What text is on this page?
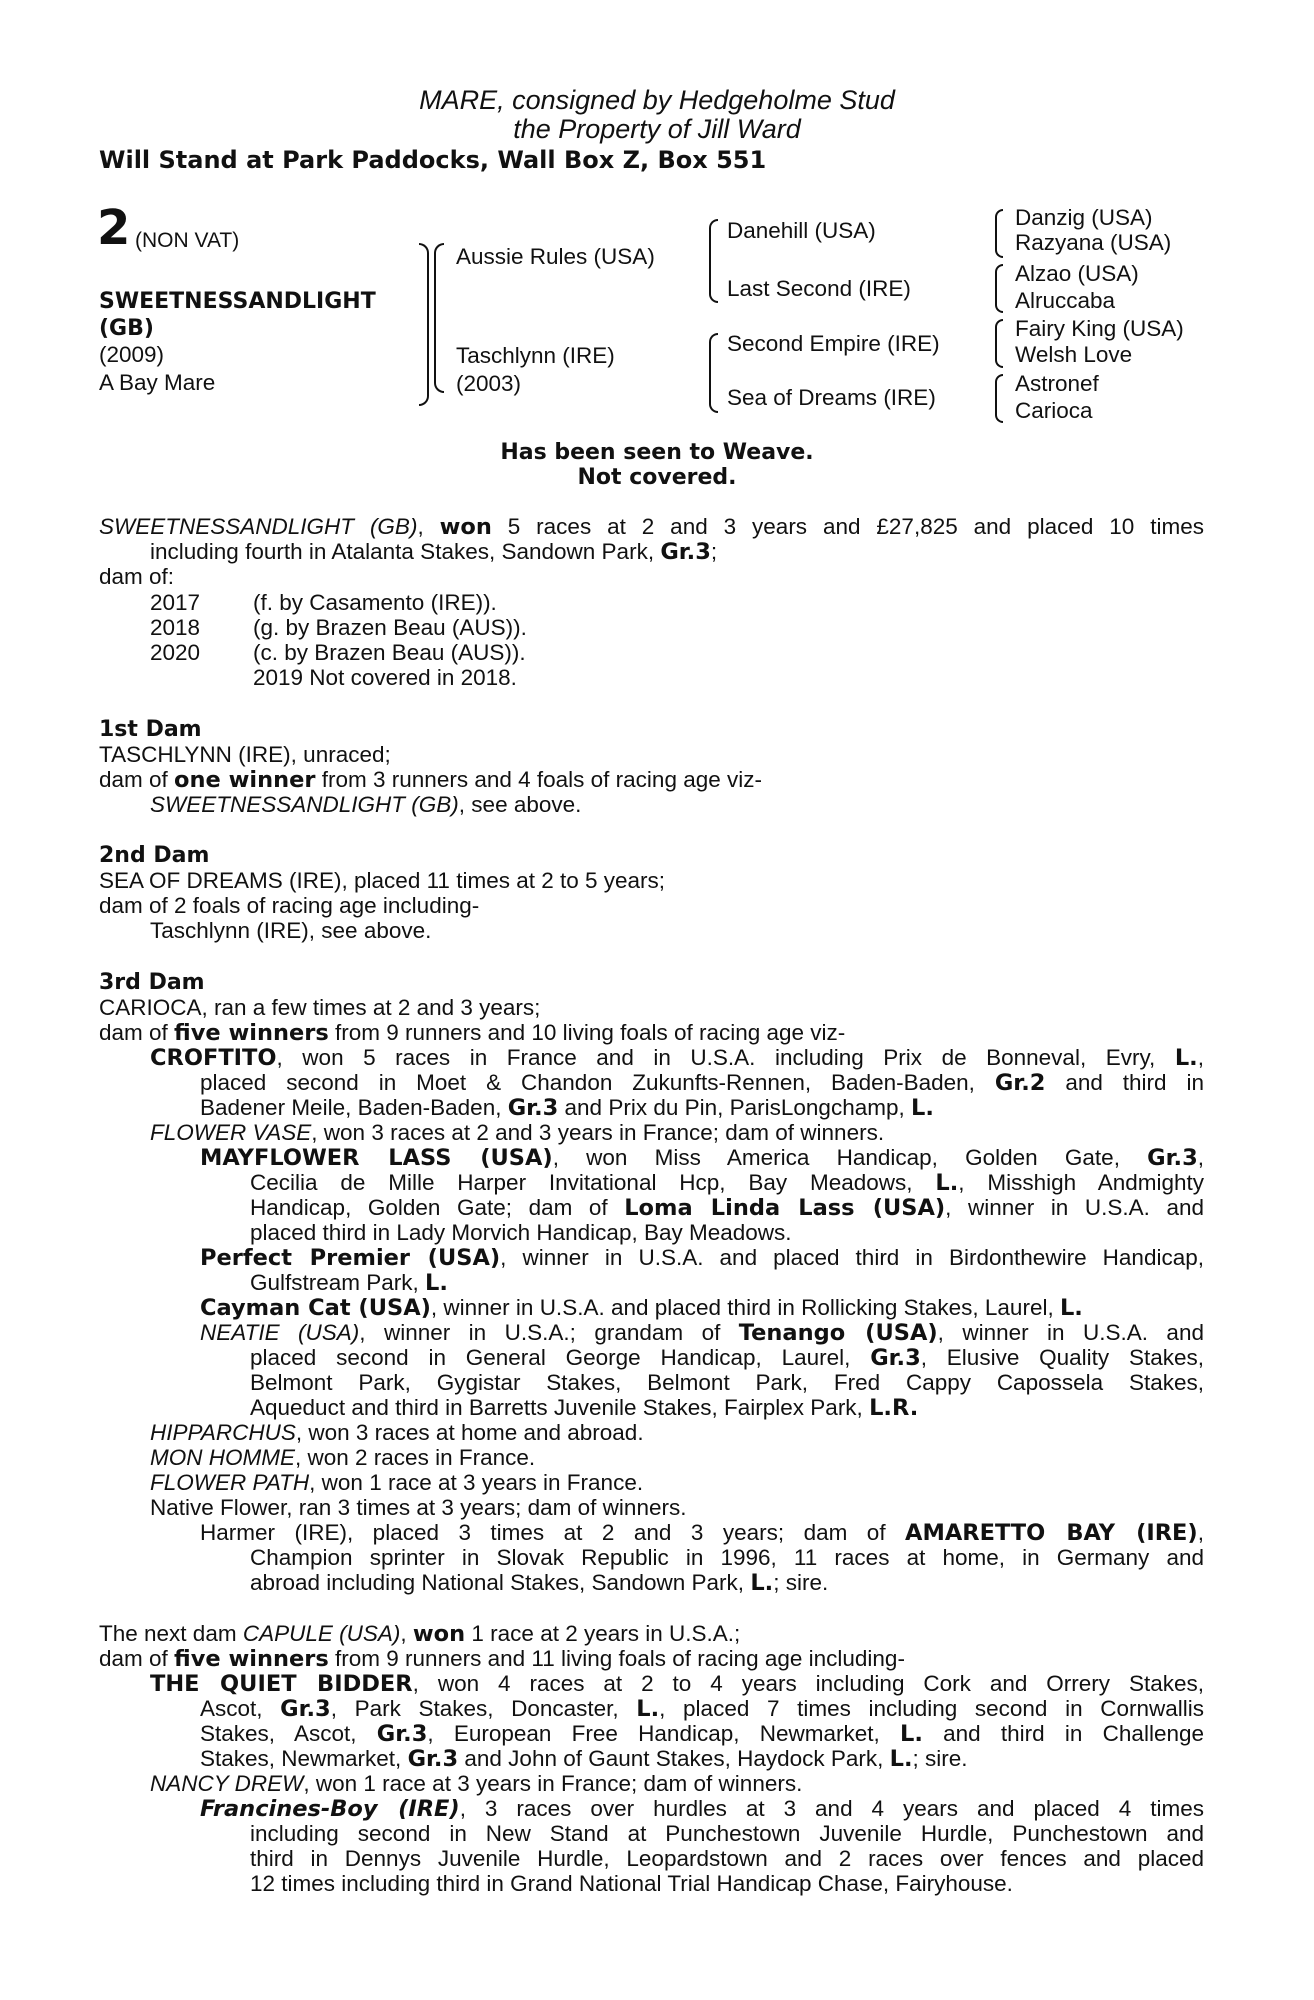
MARE, consigned by Hedgeholme Stud
the Property of Jill Ward
Will Stand at Park Paddocks, Wall Box Z, Box 551
2 (NON VAT)
SWEETNESSANDLIGHT
(GB)
(2009)
A Bay Mare
Aussie Rules (USA)
Taschlynn (IRE)
(2003)
Danehill (USA)
Last Second (IRE)
Second Empire (IRE)
Sea of Dreams (IRE)
Danzig (USA)
Razyana (USA)
Alzao (USA)
Alruccaba
Fairy King (USA)
Welsh Love
Astronef
Carioca
Has been seen to Weave.
Not covered.
SWEETNESSANDLIGHT (GB), won 5 races at 2 and 3 years and £27,825 and placed 10 times
including fourth in Atalanta Stakes, Sandown Park, Gr.3;
dam of:
2017 (f. by Casamento (IRE)).
2018 (g. by Brazen Beau (AUS)).
2020 (c. by Brazen Beau (AUS)).
2019 Not covered in 2018.
1st Dam
TASCHLYNN (IRE), unraced;
dam of one winner from 3 runners and 4 foals of racing age viz-
SWEETNESSANDLIGHT (GB), see above.
2nd Dam
SEA OF DREAMS (IRE), placed 11 times at 2 to 5 years;
dam of 2 foals of racing age including-
Taschlynn (IRE), see above.
3rd Dam
CARIOCA, ran a few times at 2 and 3 years;
dam of five winners from 9 runners and 10 living foals of racing age viz-
CROFTITO, won 5 races in France and in U.S.A. including Prix de Bonneval, Evry, L.,
placed second in Moet & Chandon Zukunfts-Rennen, Baden-Baden, Gr.2 and third in
Badener Meile, Baden-Baden, Gr.3 and Prix du Pin, ParisLongchamp, L.
FLOWER VASE, won 3 races at 2 and 3 years in France; dam of winners.
MAYFLOWER LASS (USA), won Miss America Handicap, Golden Gate, Gr.3,
Cecilia de Mille Harper Invitational Hcp, Bay Meadows, L., Misshigh Andmighty
Handicap, Golden Gate; dam of Loma Linda Lass (USA), winner in U.S.A. and
placed third in Lady Morvich Handicap, Bay Meadows.
Perfect Premier (USA), winner in U.S.A. and placed third in Birdonthewire Handicap,
Gulfstream Park, L.
Cayman Cat (USA), winner in U.S.A. and placed third in Rollicking Stakes, Laurel, L.
NEATIE (USA), winner in U.S.A.; grandam of Tenango (USA), winner in U.S.A. and
placed second in General George Handicap, Laurel, Gr.3, Elusive Quality Stakes,
Belmont Park, Gygistar Stakes, Belmont Park, Fred Cappy Capossela Stakes,
Aqueduct and third in Barretts Juvenile Stakes, Fairplex Park, L.R.
HIPPARCHUS, won 3 races at home and abroad.
MON HOMME, won 2 races in France.
FLOWER PATH, won 1 race at 3 years in France.
Native Flower, ran 3 times at 3 years; dam of winners.
Harmer (IRE), placed 3 times at 2 and 3 years; dam of AMARETTO BAY (IRE),
Champion sprinter in Slovak Republic in 1996, 11 races at home, in Germany and
abroad including National Stakes, Sandown Park, L.; sire.
The next dam CAPULE (USA), won 1 race at 2 years in U.S.A.;
dam of five winners from 9 runners and 11 living foals of racing age including-
THE QUIET BIDDER, won 4 races at 2 to 4 years including Cork and Orrery Stakes,
Ascot, Gr.3, Park Stakes, Doncaster, L., placed 7 times including second in Cornwallis
Stakes, Ascot, Gr.3, European Free Handicap, Newmarket, L. and third in Challenge
Stakes, Newmarket, Gr.3 and John of Gaunt Stakes, Haydock Park, L.; sire.
NANCY DREW, won 1 race at 3 years in France; dam of winners.
Francines-Boy (IRE), 3 races over hurdles at 3 and 4 years and placed 4 times
including second in New Stand at Punchestown Juvenile Hurdle, Punchestown and
third in Dennys Juvenile Hurdle, Leopardstown and 2 races over fences and placed
12 times including third in Grand National Trial Handicap Chase, Fairyhouse.
